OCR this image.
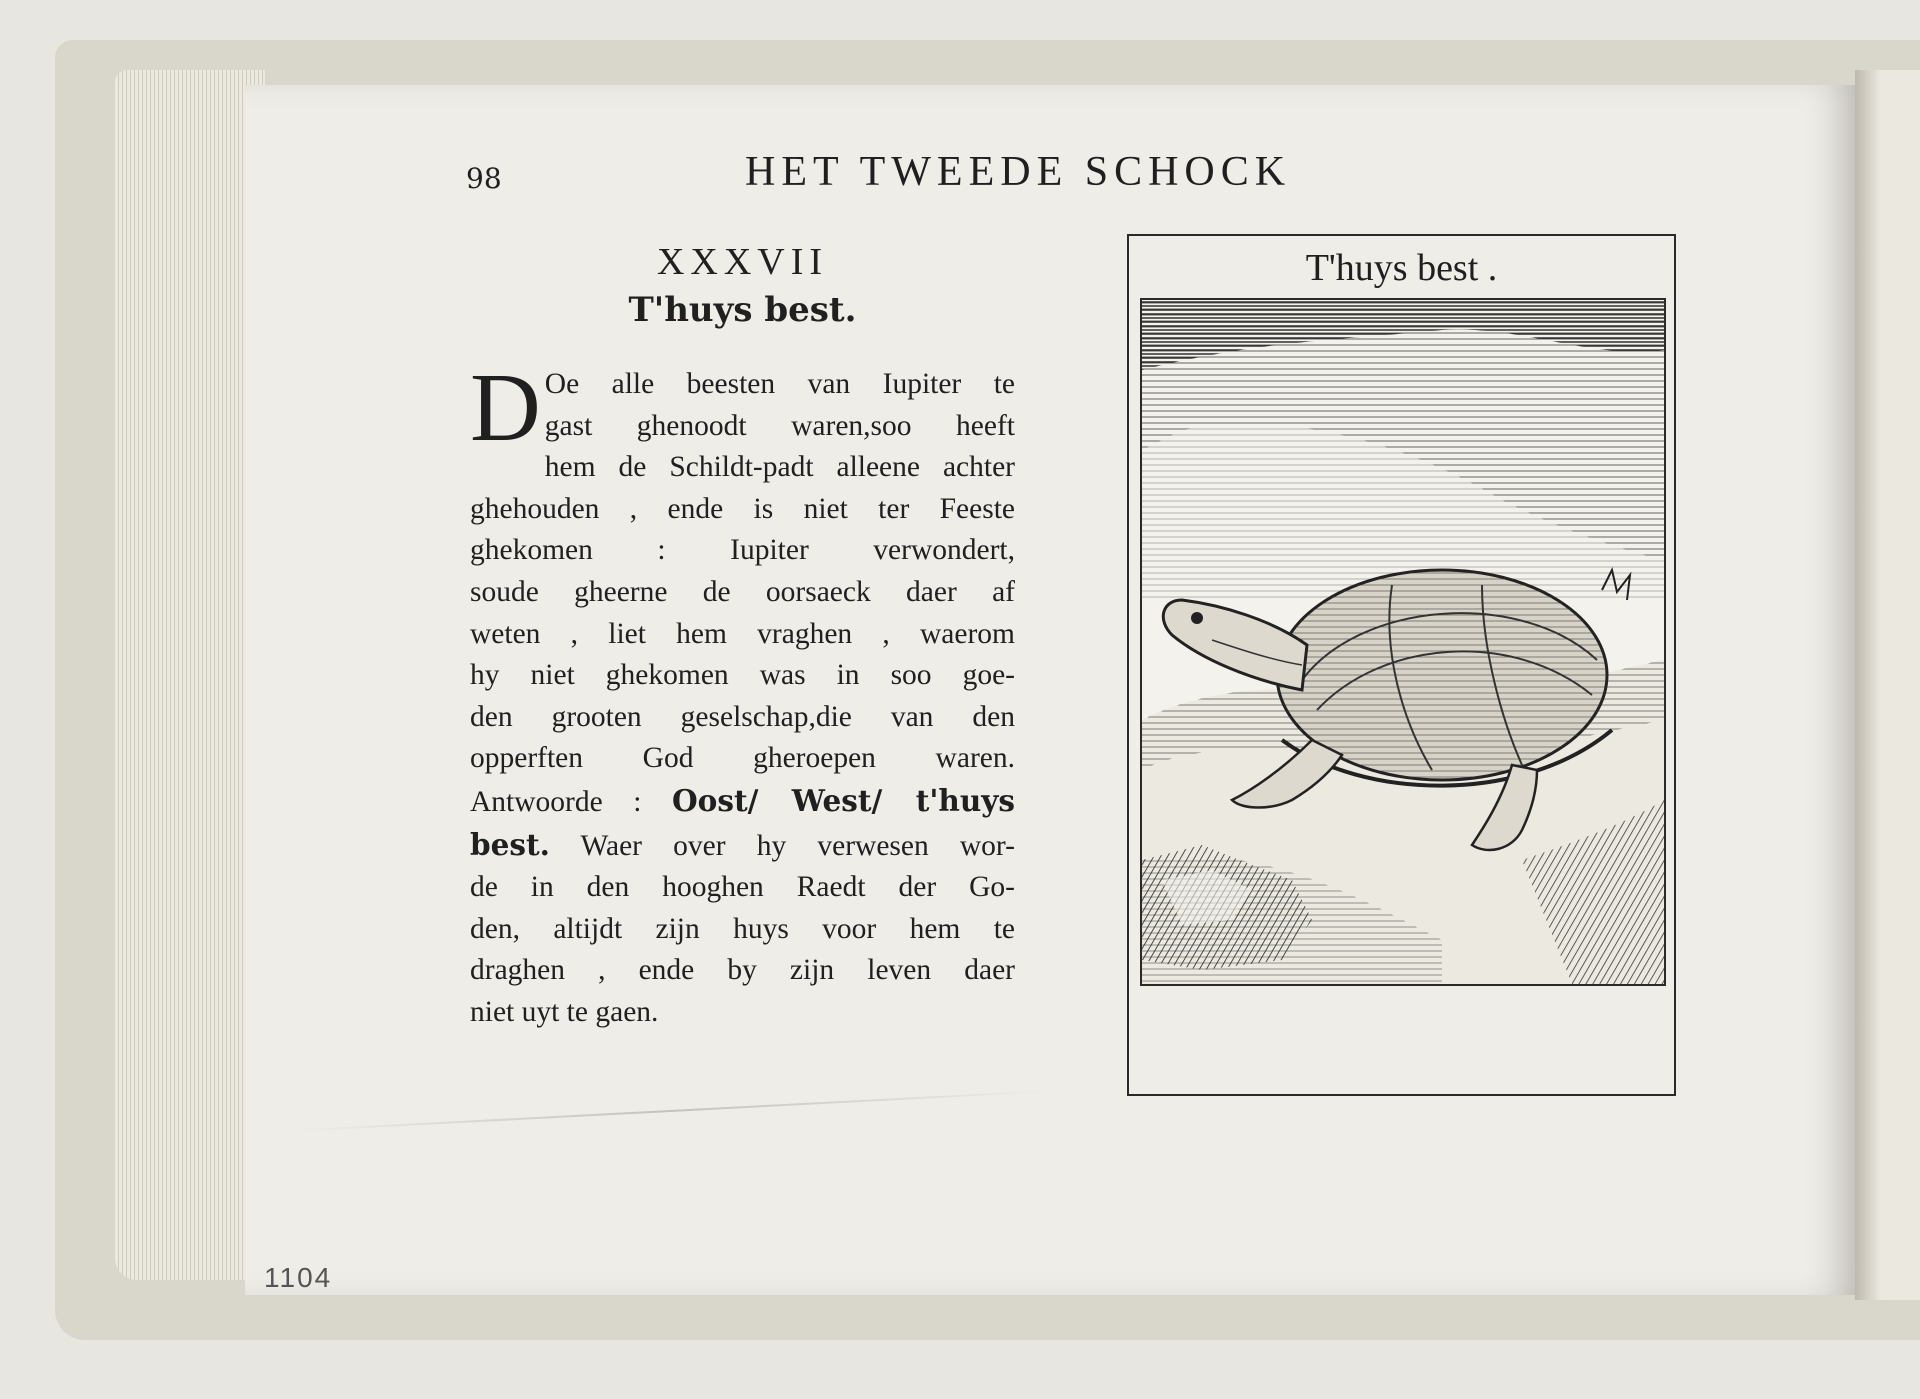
98	HET TWEEDE SCHOCK
XXXVII
T'huys best.
D Oe alle beesten van Iupiter te
gast ghenoodt waren,soo heeft
hem de Schildt-padt alleene achter
ghehouden , ende is niet ter Feeste
ghekomen : Iupiter verwondert,
soude gheerne de oorsaeck daer af
weten , liet hem vraghen , waerom
hy niet ghekomen was in soo goe-
den grooten geselschap,die van den
opperften God gheroepen waren.
Antwoorde : Oost/ West/ t'huys
best. Waer over hy verwesen wor-
de in den hooghen Raedt der Go-
den, altijdt zijn huys voor hem te
draghen , ende by zijn leven daer
niet uyt te gaen.
T'huys best .
1104
